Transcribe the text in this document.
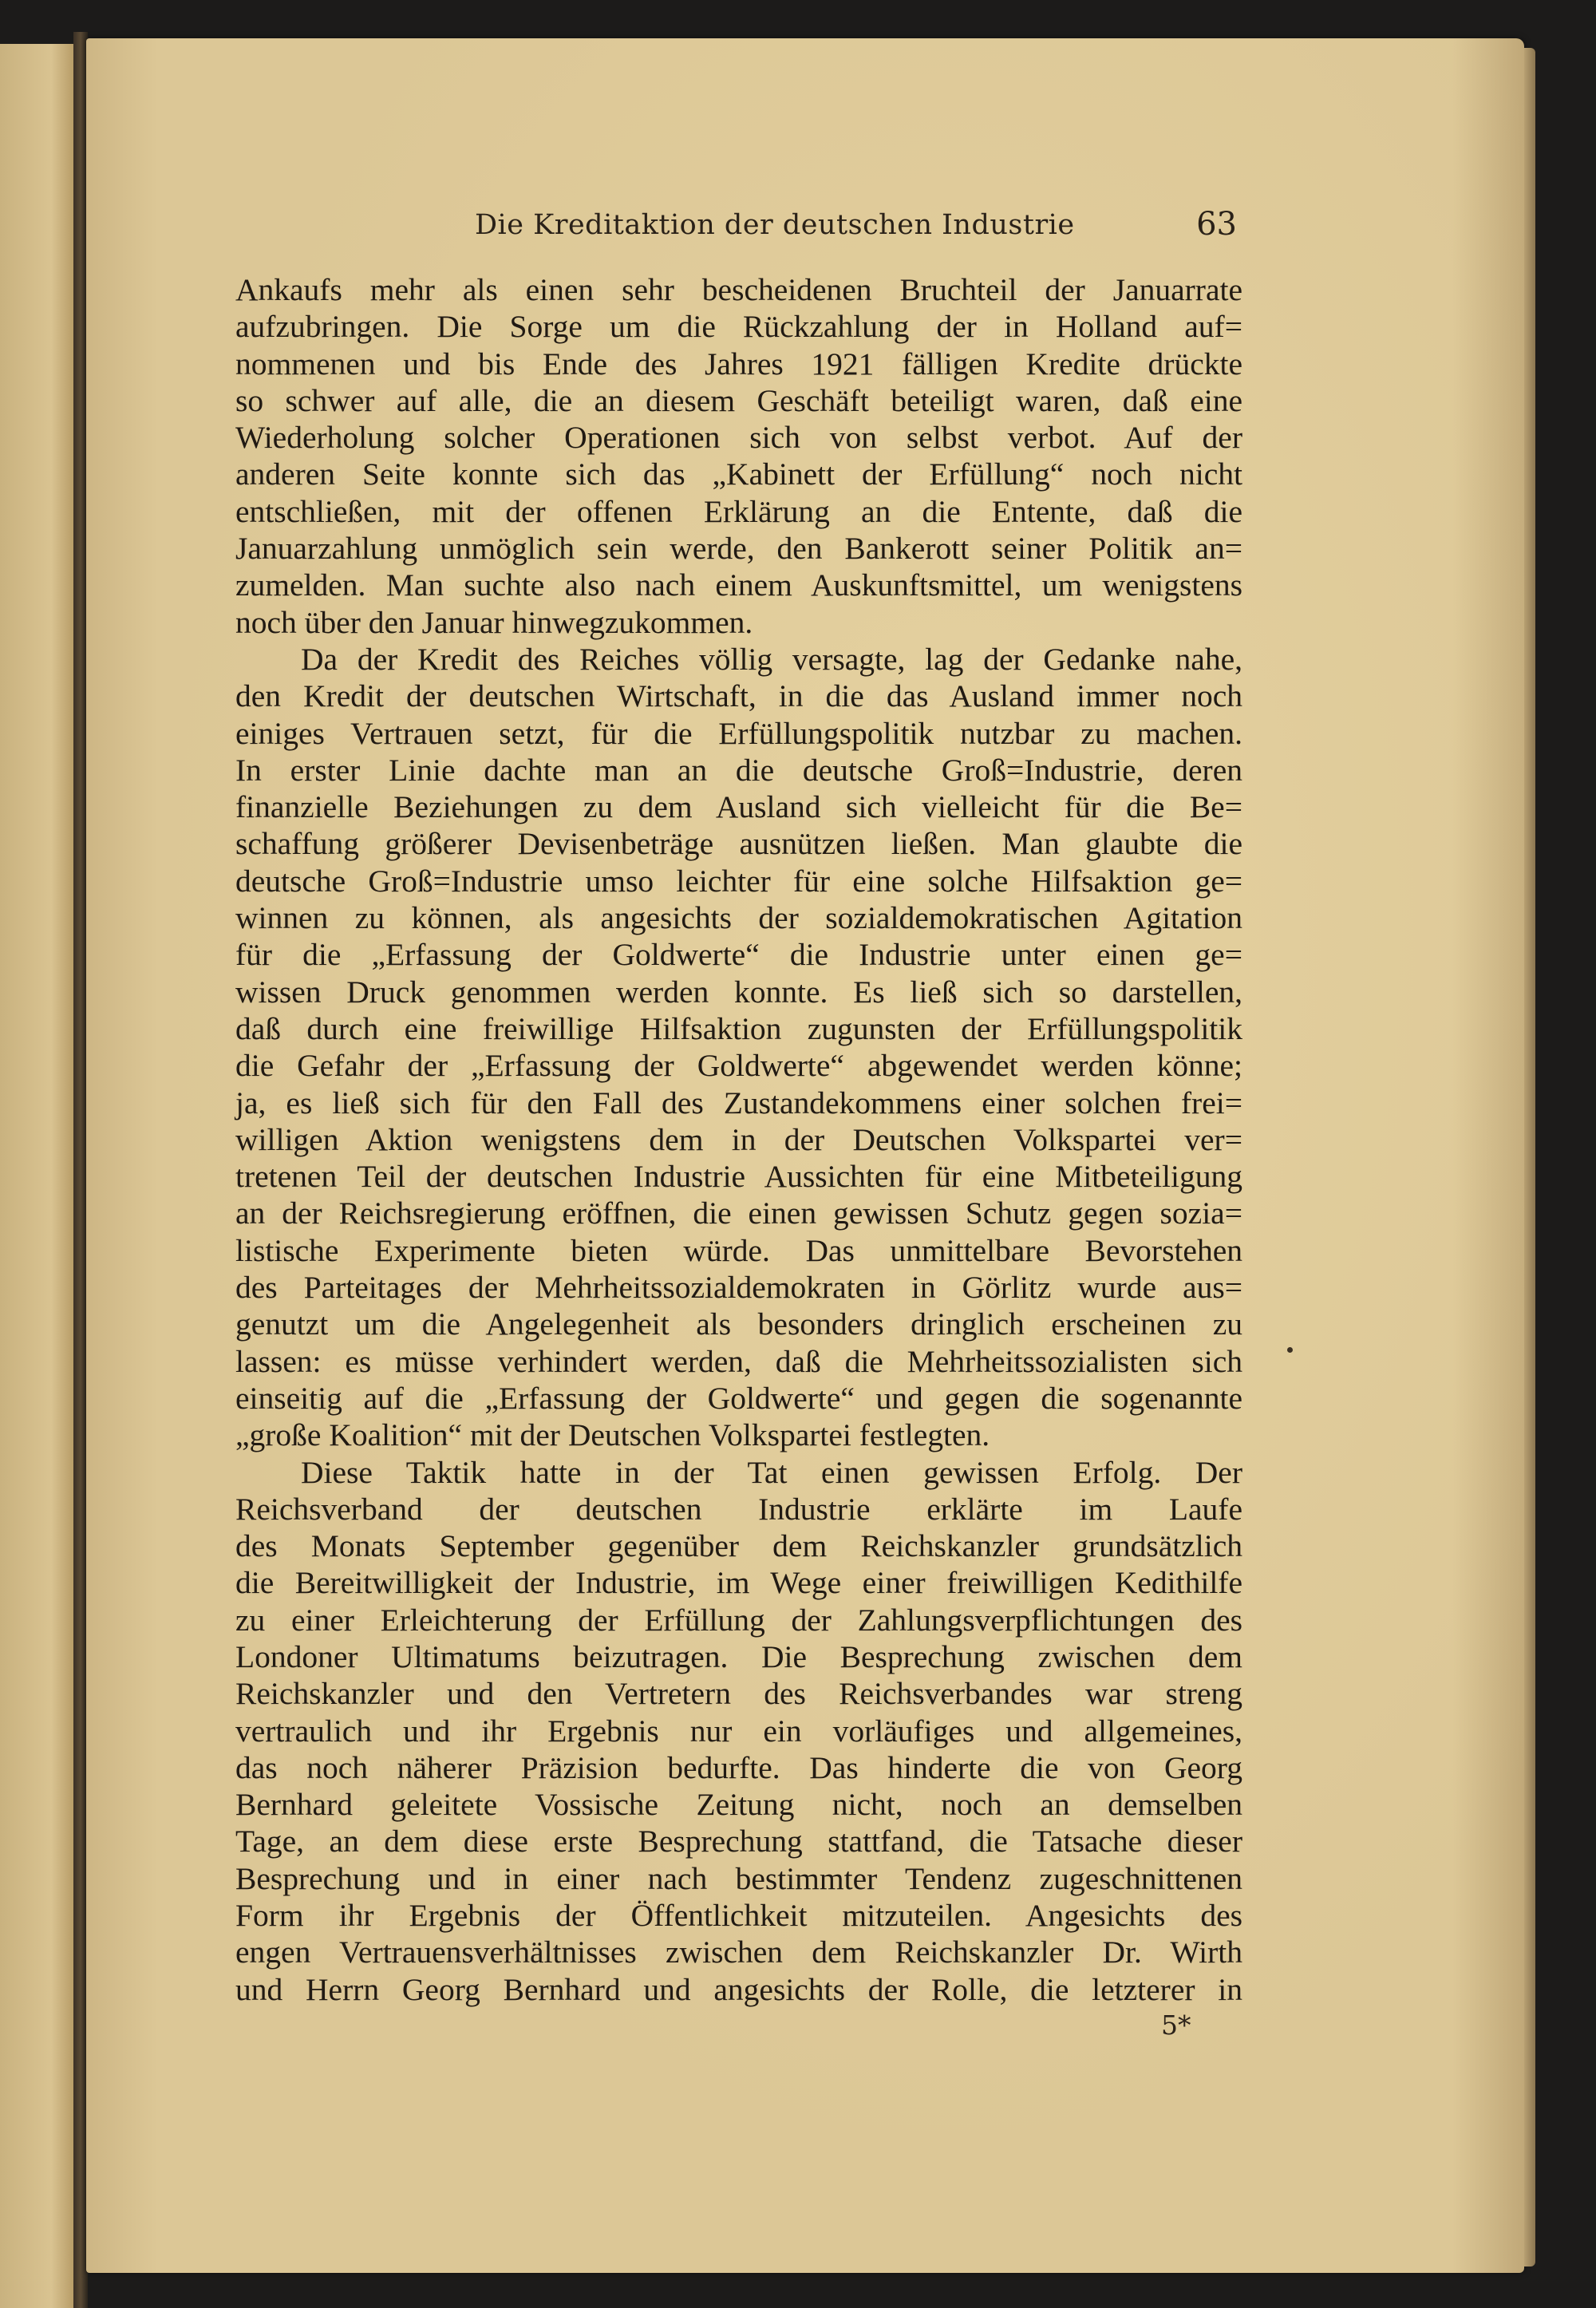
Die Kreditaktion der deutschen Industrie	63
Ankaufs mehr als einen sehr bescheidenen Bruchteil der Januarrate
aufzubringen. Die Sorge um die Rückzahlung der in Holland auf=
nommenen und bis Ende des Jahres 1921 fälligen Kredite drückte
so schwer auf alle, die an diesem Geschäft beteiligt waren, daß eine
Wiederholung solcher Operationen sich von selbst verbot. Auf der
anderen Seite konnte sich das „Kabinett der Erfüllung“ noch nicht
entschließen, mit der offenen Erklärung an die Entente, daß die
Januarzahlung unmöglich sein werde, den Bankerott seiner Politik an=
zumelden. Man suchte also nach einem Auskunftsmittel, um wenigstens
noch über den Januar hinwegzukommen.
Da der Kredit des Reiches völlig versagte, lag der Gedanke nahe,
den Kredit der deutschen Wirtschaft, in die das Ausland immer noch
einiges Vertrauen setzt, für die Erfüllungspolitik nutzbar zu machen.
In erster Linie dachte man an die deutsche Groß=Industrie, deren
finanzielle Beziehungen zu dem Ausland sich vielleicht für die Be=
schaffung größerer Devisenbeträge ausnützen ließen. Man glaubte die
deutsche Groß=Industrie umso leichter für eine solche Hilfsaktion ge=
winnen zu können, als angesichts der sozialdemokratischen Agitation
für die „Erfassung der Goldwerte“ die Industrie unter einen ge=
wissen Druck genommen werden konnte. Es ließ sich so darstellen,
daß durch eine freiwillige Hilfsaktion zugunsten der Erfüllungspolitik
die Gefahr der „Erfassung der Goldwerte“ abgewendet werden könne;
ja, es ließ sich für den Fall des Zustandekommens einer solchen frei=
willigen Aktion wenigstens dem in der Deutschen Volkspartei ver=
tretenen Teil der deutschen Industrie Aussichten für eine Mitbeteiligung
an der Reichsregierung eröffnen, die einen gewissen Schutz gegen sozia=
listische Experimente bieten würde. Das unmittelbare Bevorstehen
des Parteitages der Mehrheitssozialdemokraten in Görlitz wurde aus=
genutzt um die Angelegenheit als besonders dringlich erscheinen zu
lassen: es müsse verhindert werden, daß die Mehrheitssozialisten sich
einseitig auf die „Erfassung der Goldwerte“ und gegen die sogenannte
„große Koalition“ mit der Deutschen Volkspartei festlegten.
Diese Taktik hatte in der Tat einen gewissen Erfolg. Der
Reichsverband der deutschen Industrie erklärte im Laufe
des Monats September gegenüber dem Reichskanzler grundsätzlich
die Bereitwilligkeit der Industrie, im Wege einer freiwilligen Kedithilfe
zu einer Erleichterung der Erfüllung der Zahlungsverpflichtungen des
Londoner Ultimatums beizutragen. Die Besprechung zwischen dem
Reichskanzler und den Vertretern des Reichsverbandes war streng
vertraulich und ihr Ergebnis nur ein vorläufiges und allgemeines,
das noch näherer Präzision bedurfte. Das hinderte die von Georg
Bernhard geleitete Vossische Zeitung nicht, noch an demselben
Tage, an dem diese erste Besprechung stattfand, die Tatsache dieser
Besprechung und in einer nach bestimmter Tendenz zugeschnittenen
Form ihr Ergebnis der Öffentlichkeit mitzuteilen. Angesichts des
engen Vertrauensverhältnisses zwischen dem Reichskanzler Dr. Wirth
und Herrn Georg Bernhard und angesichts der Rolle, die letzterer in
5*
